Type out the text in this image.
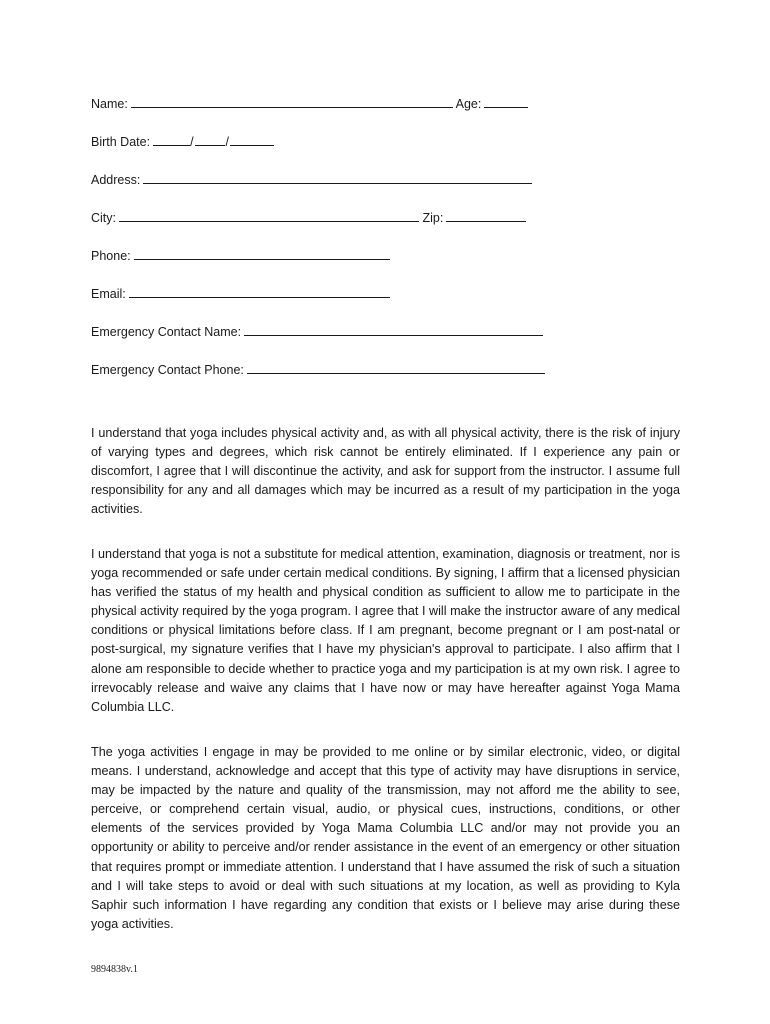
Name:	Age:
Birth Date:	/	/
Address:
City:	Zip:
Phone:
Email:
Emergency Contact Name:
Emergency Contact Phone:

I understand that yoga includes physical activity and, as with all physical activity, there is the risk of injury of varying types and degrees, which risk cannot be entirely eliminated. If I experience any pain or discomfort, I agree that I will discontinue the activity, and ask for support from the instructor. I assume full responsibility for any and all damages which may be incurred as a result of my participation in the yoga activities.

I understand that yoga is not a substitute for medical attention, examination, diagnosis or treatment, nor is yoga recommended or safe under certain medical conditions. By signing, I affirm that a licensed physician has verified the status of my health and physical condition as sufficient to allow me to participate in the physical activity required by the yoga program. I agree that I will make the instructor aware of any medical conditions or physical limitations before class. If I am pregnant, become pregnant or I am post-natal or post-surgical, my signature verifies that I have my physician's approval to participate. I also affirm that I alone am responsible to decide whether to practice yoga and my participation is at my own risk. I agree to irrevocably release and waive any claims that I have now or may have hereafter against Yoga Mama Columbia LLC.

The yoga activities I engage in may be provided to me online or by similar electronic, video, or digital means. I understand, acknowledge and accept that this type of activity may have disruptions in service, may be impacted by the nature and quality of the transmission, may not afford me the ability to see, perceive, or comprehend certain visual, audio, or physical cues, instructions, conditions, or other elements of the services provided by Yoga Mama Columbia LLC and/or may not provide you an opportunity or ability to perceive and/or render assistance in the event of an emergency or other situation that requires prompt or immediate attention. I understand that I have assumed the risk of such a situation and I will take steps to avoid or deal with such situations at my location, as well as providing to Kyla Saphir such information I have regarding any condition that exists or I believe may arise during these yoga activities.

9894838v.1
